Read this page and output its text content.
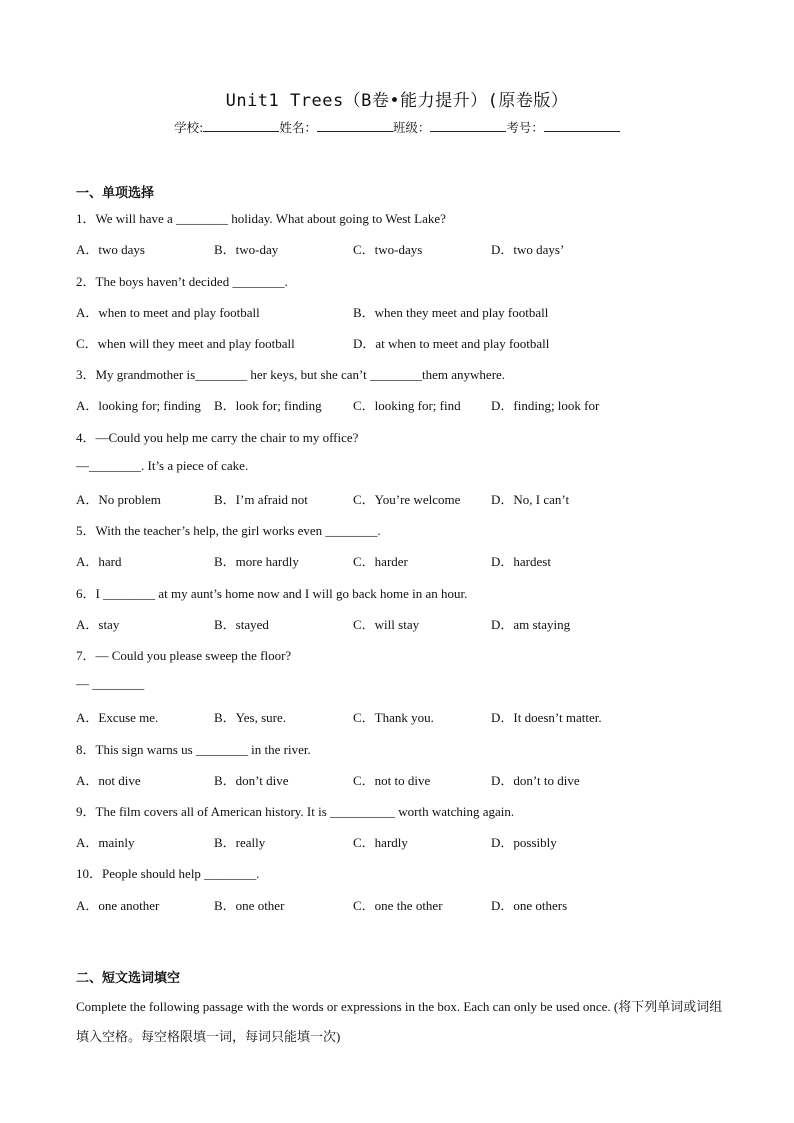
Unit1 Trees（B卷•能力提升）(原卷版）
学校:	姓名：	班级：	考号：
一、单项选择
1．We will have a ________ holiday. What about going to West Lake?
A．two days	B．two-day	C．two-days	D．two days’
2．The boys haven’t decided ________.
A．when to meet and play football	B．when they meet and play football
C．when will they meet and play football	D．at when to meet and play football
3．My grandmother is________ her keys, but she can’t ________them anywhere.
A．looking for; finding B．look for; finding C．looking for; find D．finding; look for
4．—Could you help me carry the chair to my office?
—________. It’s a piece of cake.
A．No problem	B．I’m afraid not	C．You’re welcome D．No, I can’t
5．With the teacher’s help, the girl works even ________.
A．hard	B．more hardly	C．harder	D．hardest
6．I ________ at my aunt’s home now and I will go back home in an hour.
A．stay	B．stayed	C．will stay	D．am staying
7．— Could you please sweep the floor?
— ________
A．Excuse me.	B．Yes, sure.	C．Thank you.	D．It doesn’t matter.
8．This sign warns us ________ in the river.
A．not dive	B．don’t dive	C．not to dive	D．don’t to dive
9．The film covers all of American history. It is __________ worth watching again.
A．mainly	B．really	C．hardly	D．possibly
10．People should help ________.
A．one another	B．one other	C．one the other	D．one others
二、短文选词填空
Complete the following passage with the words or expressions in the box. Each can only be used once. (将下列单词或词组填入空格。每空格限填一词，每词只能填一次)
